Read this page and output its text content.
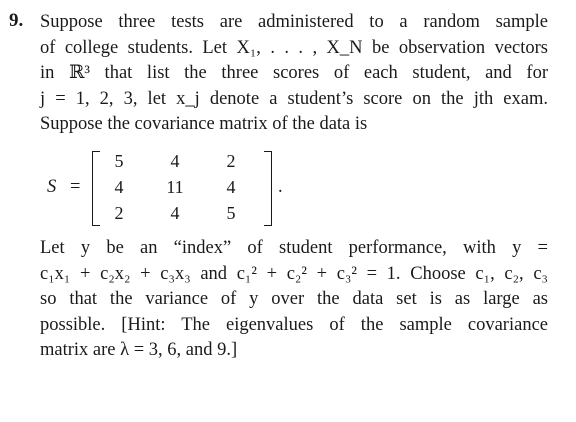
9. Suppose three tests are administered to a random sample
of college students. Let X₁, . . . , X_N be observation vectors
in ℝ³ that list the three scores of each student, and for
j = 1, 2, 3, let x_j denote a student’s score on the jth exam.
Suppose the covariance matrix of the data is
S =
5	4	2
4	11	4
2	4	5
.
Let y be an “index” of student performance, with y =
c₁x₁ + c₂x₂ + c₃x₃ and c₁² + c₂² + c₃² = 1. Choose c₁, c₂, c₃
so that the variance of y over the data set is as large as
possible. [Hint: The eigenvalues of the sample covariance
matrix are λ = 3, 6, and 9.]
